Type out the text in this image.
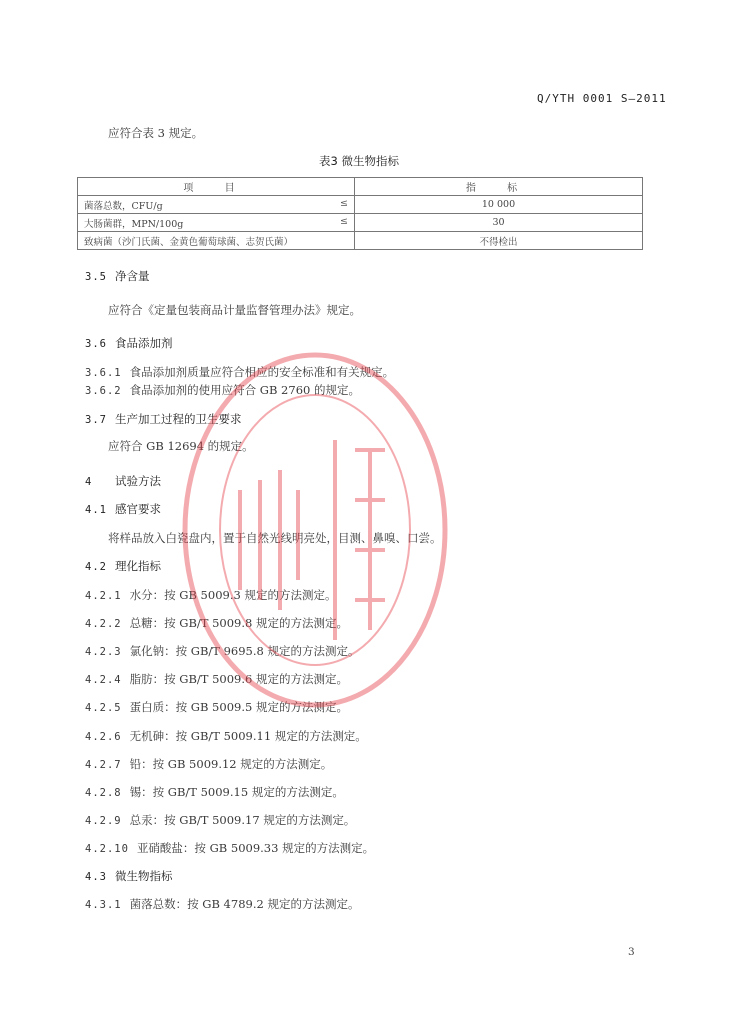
Q/YTH 0001 S—2011
应符合表 3 规定。
表3 微生物指标
项 目	指 标
菌落总数，CFU/g ≤	10 000
大肠菌群，MPN/100g ≤	30
致病菌（沙门氏菌、金黄色葡萄球菌、志贺氏菌）	不得检出
3.5 净含量
应符合《定量包装商品计量监督管理办法》规定。
3.6 食品添加剂
3.6.1 食品添加剂质量应符合相应的安全标准和有关规定。
3.6.2 食品添加剂的使用应符合 GB 2760 的规定。
3.7 生产加工过程的卫生要求
应符合 GB 12694 的规定。
4 试验方法
4.1 感官要求
将样品放入白瓷盘内，置于自然光线明亮处，目测、鼻嗅、口尝。
4.2 理化指标
4.2.1 水分：按 GB 5009.3 规定的方法测定。
4.2.2 总糖：按 GB/T 5009.8 规定的方法测定。
4.2.3 氯化钠：按 GB/T 9695.8 规定的方法测定。
4.2.4 脂肪：按 GB/T 5009.6 规定的方法测定。
4.2.5 蛋白质：按 GB 5009.5 规定的方法测定。
4.2.6 无机砷：按 GB/T 5009.11 规定的方法测定。
4.2.7 铅：按 GB 5009.12 规定的方法测定。
4.2.8 锡：按 GB/T 5009.15 规定的方法测定。
4.2.9 总汞：按 GB/T 5009.17 规定的方法测定。
4.2.10 亚硝酸盐：按 GB 5009.33 规定的方法测定。
4.3 微生物指标
4.3.1 菌落总数：按 GB 4789.2 规定的方法测定。
3
